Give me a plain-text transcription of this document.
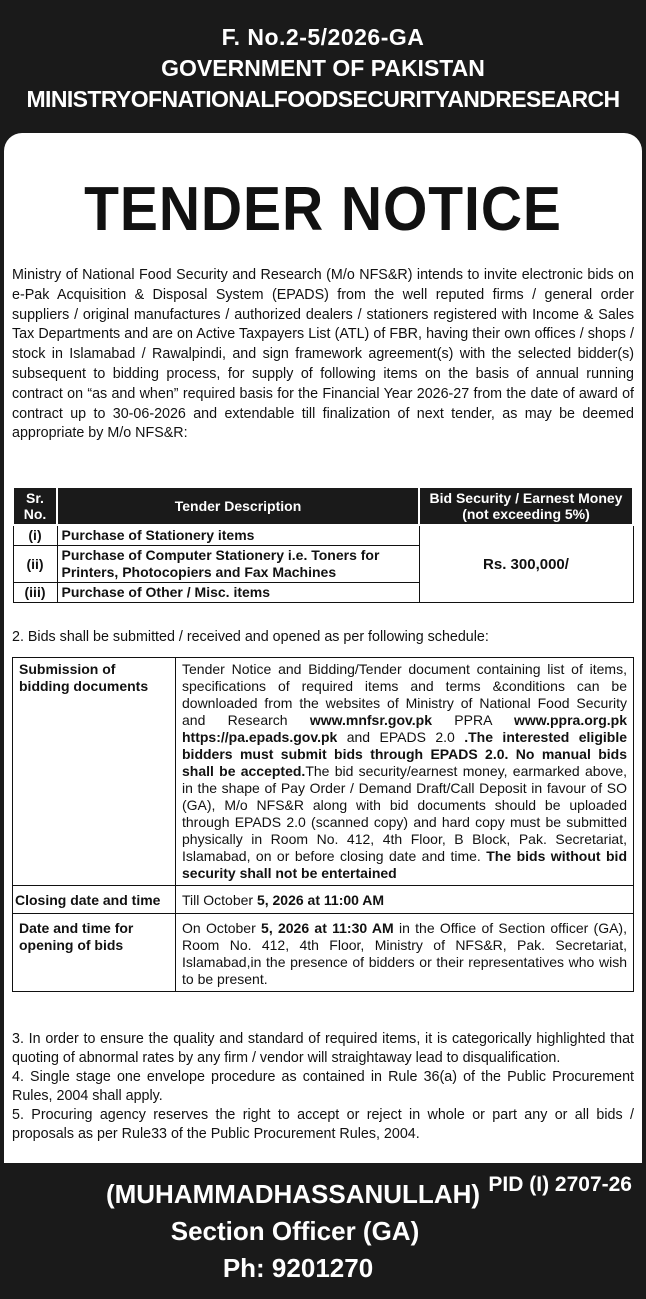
F. No.2-5/2026-GA
GOVERNMENT OF PAKISTAN
MINISTRYOFNATIONALFOODSECURITYANDRESEARCH
TENDER NOTICE
Ministry of National Food Security and Research (M/o NFS&R) intends to invite electronic bids on e-Pak Acquisition & Disposal System (EPADS) from the well reputed firms / general order suppliers / original manufactures / authorized dealers / stationers registered with Income & Sales Tax Departments and are on Active Taxpayers List (ATL) of FBR, having their own offices / shops / stock in Islamabad / Rawalpindi, and sign framework agreement(s) with the selected bidder(s) subsequent to bidding process, for supply of following items on the basis of annual running contract on “as and when” required basis for the Financial Year 2026-27 from the date of award of contract up to 30-06-2026 and extendable till finalization of next tender, as may be deemed appropriate by M/o NFS&R:
Sr. No.	Tender Description	Bid Security / Earnest Money (not exceeding 5%)
(i)	Purchase of Stationery items	Rs. 300,000/
(ii)	Purchase of Computer Stationery i.e. Toners for Printers, Photocopiers and Fax Machines	
(iii)	Purchase of Other / Misc. items	
2. Bids shall be submitted / received and opened as per following schedule:
Submission of bidding documents	Tender Notice and Bidding/Tender document containing list of items, specifications of required items and terms &conditions can be downloaded from the websites of Ministry of National Food Security and Research www.mnfsr.gov.pk PPRA www.ppra.org.pk https://pa.epads.gov.pk and EPADS 2.0 .The interested eligible bidders must submit bids through EPADS 2.0. No manual bids shall be accepted.The bid security/earnest money, earmarked above, in the shape of Pay Order / Demand Draft/Call Deposit in favour of SO (GA), M/o NFS&R along with bid documents should be uploaded through EPADS 2.0 (scanned copy) and hard copy must be submitted physically in Room No. 412, 4th Floor, B Block, Pak. Secretariat, Islamabad, on or before closing date and time. The bids without bid security shall not be entertained
Closing date and time	Till October 5, 2026 at 11:00 AM
Date and time for opening of bids	On October 5, 2026 at 11:30 AM in the Office of Section officer (GA), Room No. 412, 4th Floor, Ministry of NFS&R, Pak. Secretariat, Islamabad,in the presence of bidders or their representatives who wish to be present.

3. In order to ensure the quality and standard of required items, it is categorically highlighted that quoting of abnormal rates by any firm / vendor will straightaway lead to disqualification.

4. Single stage one envelope procedure as contained in Rule 36(a) of the Public Procurement Rules, 2004 shall apply.

5. Procuring agency reserves the right to accept or reject in whole or part any or all bids / proposals as per Rule33 of the Public Procurement Rules, 2004.

PID (I) 2707-26
(MUHAMMADHASSANULLAH)
Section Officer (GA)
Ph: 9201270
